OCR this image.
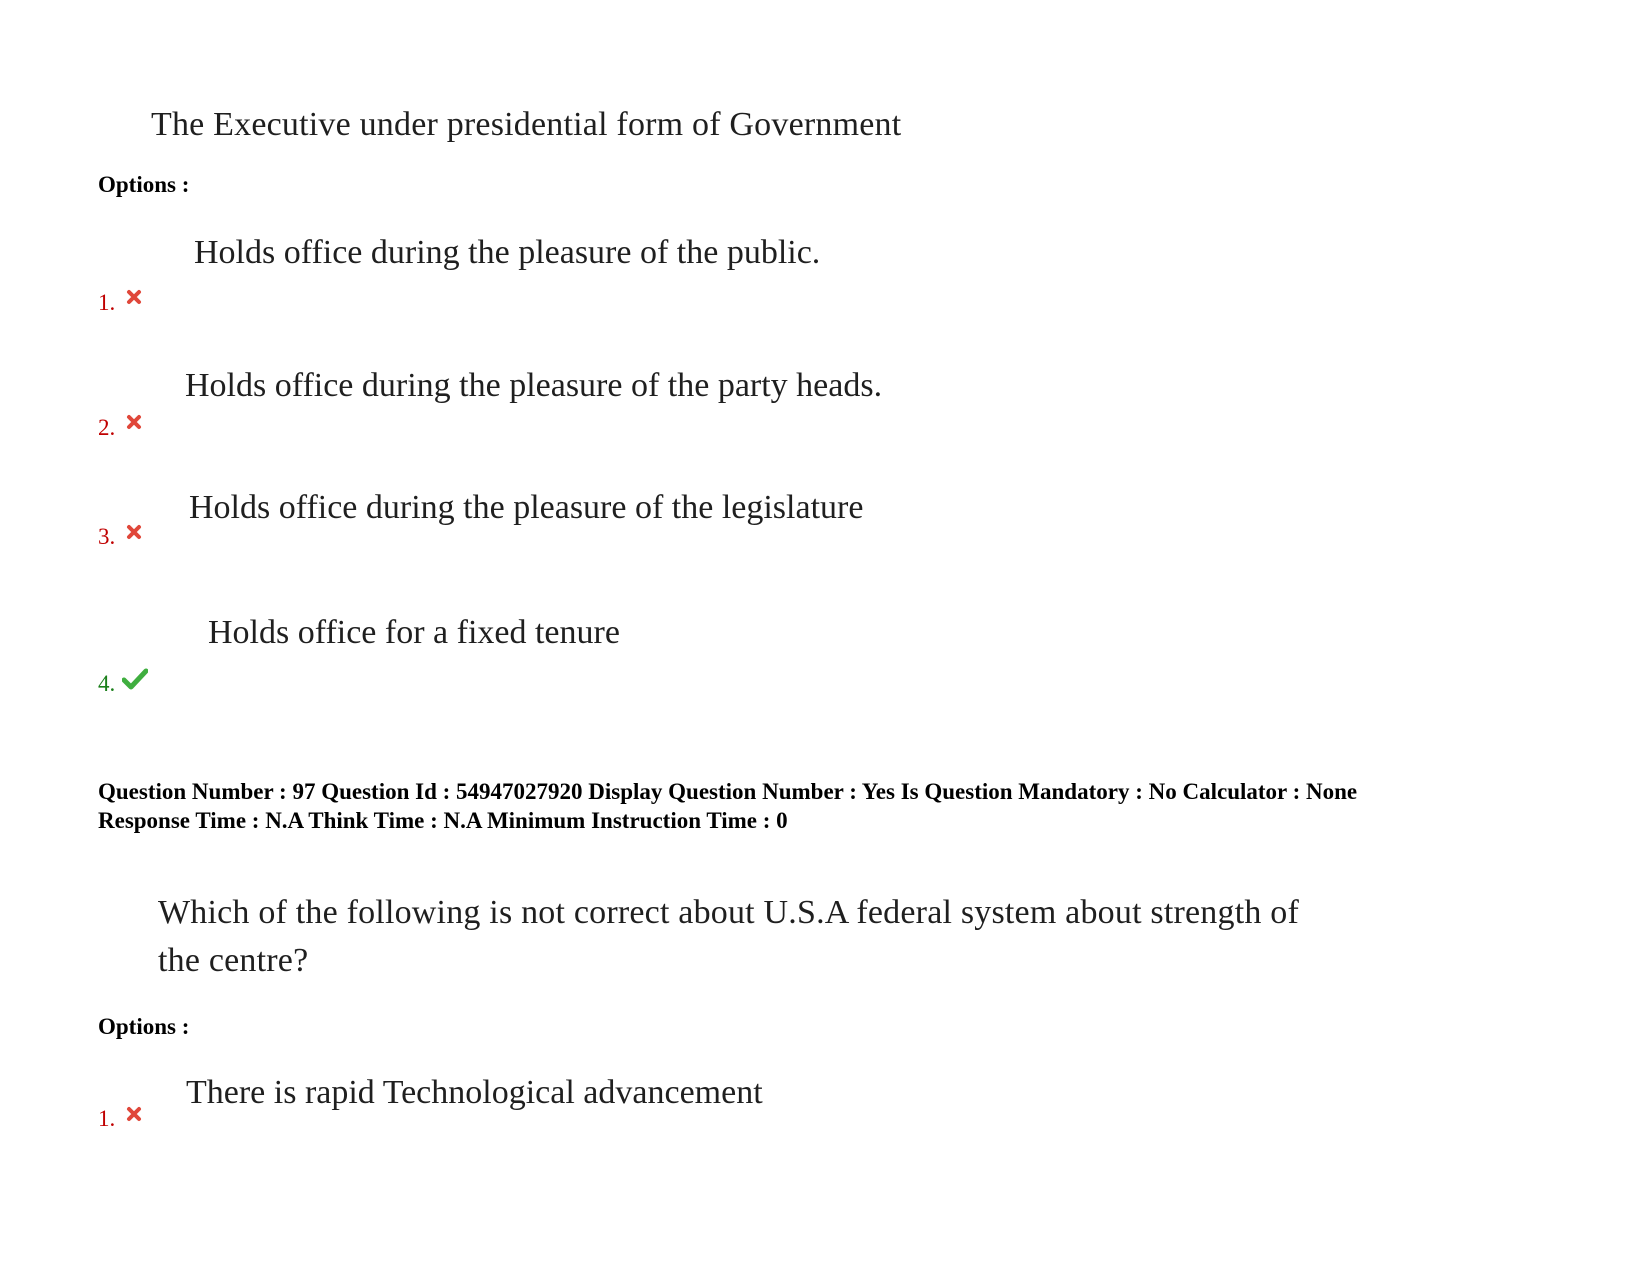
The Executive under presidential form of Government
Options :
Holds office during the pleasure of the public.
1.
Holds office during the pleasure of the party heads.
2.
Holds office during the pleasure of the legislature
3.
Holds office for a fixed tenure
4.
Question Number : 97 Question Id : 54947027920 Display Question Number : Yes Is Question Mandatory : No Calculator : None
Response Time : N.A Think Time : N.A Minimum Instruction Time : 0
Which of the following is not correct about U.S.A federal system about strength of
the centre?
Options :
There is rapid Technological advancement
1.
